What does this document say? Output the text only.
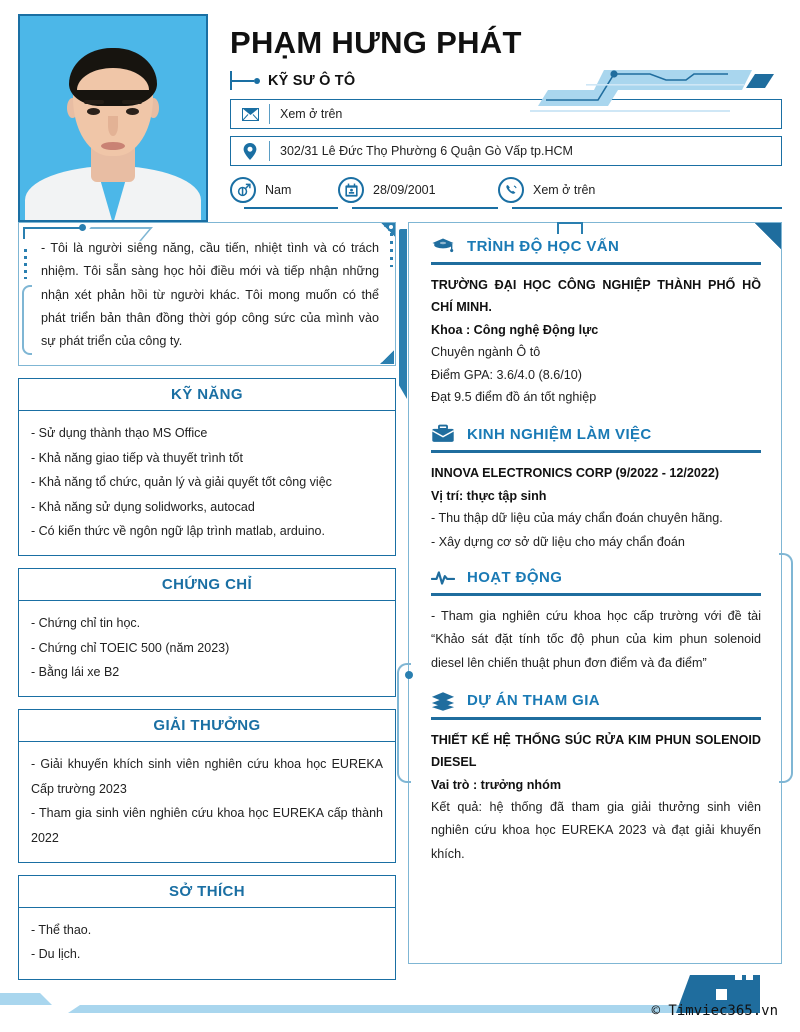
PHẠM HƯNG PHÁT
KỸ SƯ Ô TÔ
Xem ở trên
302/31 Lê Đức Thọ Phường 6 Quận Gò Vấp tp.HCM
Nam	28/09/2001	Xem ở trên
- Tôi là người siêng năng, cầu tiến, nhiệt tình và có trách nhiệm. Tôi sẵn sàng học hỏi điều mới và tiếp nhận những nhận xét phản hồi từ người khác. Tôi mong muốn có thể phát triển bản thân đồng thời góp công sức của mình vào sự phát triển của công ty.
KỸ NĂNG
- Sử dụng thành thạo MS Office
- Khả năng giao tiếp và thuyết trình tốt
- Khả năng tổ chức, quản lý và giải quyết tốt công việc
- Khả năng sử dụng solidworks, autocad
- Có kiến thức về ngôn ngữ lập trình matlab, arduino.
CHỨNG CHỈ
- Chứng chỉ tin học.
- Chứng chỉ TOEIC 500 (năm 2023)
- Bằng lái xe B2
GIẢI THƯỞNG
- Giải khuyến khích sinh viên nghiên cứu khoa học EUREKA Cấp trường 2023
- Tham gia sinh viên nghiên cứu khoa học EUREKA cấp thành 2022
SỞ THÍCH
- Thể thao.
- Du lịch.
TRÌNH ĐỘ HỌC VẤN
TRƯỜNG ĐẠI HỌC CÔNG NGHIỆP THÀNH PHỐ HỒ CHÍ MINH.
Khoa : Công nghệ Động lực
Chuyên ngành Ô tô
Điểm GPA: 3.6/4.0 (8.6/10)
Đạt 9.5 điểm đồ án tốt nghiệp
KINH NGHIỆM LÀM VIỆC
INNOVA ELECTRONICS CORP (9/2022 - 12/2022)
Vị trí: thực tập sinh
- Thu thập dữ liệu của máy chẩn đoán chuyên hãng.
- Xây dựng cơ sở dữ liệu cho máy chẩn đoán
HOẠT ĐỘNG
- Tham gia nghiên cứu khoa học cấp trường với đề tài “Khảo sát đặt tính tốc độ phun của kim phun solenoid diesel lên chiến thuật phun đơn điểm và đa điểm”
DỰ ÁN THAM GIA
THIẾT KẾ HỆ THỐNG SÚC RỬA KIM PHUN SOLENOID DIESEL
Vai trò : trưởng nhóm
Kết quả: hệ thống đã tham gia giải thưởng sinh viên nghiên cứu khoa học EUREKA 2023 và đạt giải khuyến khích.
© Timviec365.vn
